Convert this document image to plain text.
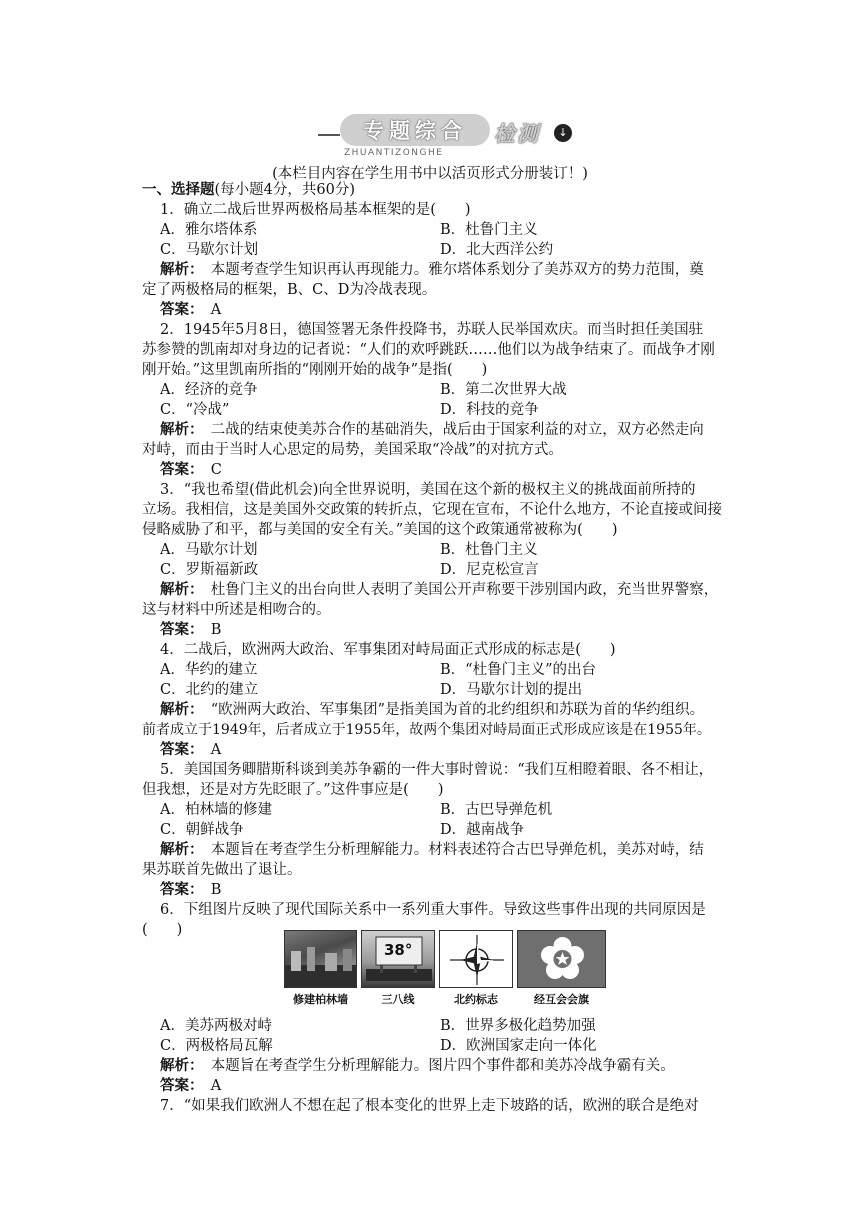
专题综合	检测	↓
ZHUANTIZONGHE
(本栏目内容在学生用书中以活页形式分册装订！)
一、选择题(每小题4分，共60分)
1．确立二战后世界两极格局基本框架的是(　　)
A．雅尔塔体系	B．杜鲁门主义
C．马歇尔计划	D．北大西洋公约
解析：　 本题考查学生知识再认再现能力。雅尔塔体系划分了美苏双方的势力范围，奠
定了两极格局的框架，B、C、D为冷战表现。
答案：　 A
2．1945年5月8日，德国签署无条件投降书，苏联人民举国欢庆。而当时担任美国驻
苏参赞的凯南却对身边的记者说：“人们的欢呼跳跃……他们以为战争结束了。而战争才刚
刚开始。”这里凯南所指的“刚刚开始的战争”是指(　　)
A．经济的竞争	B．第二次世界大战
C．“冷战”	D．科技的竞争
解析：　 二战的结束使美苏合作的基础消失，战后由于国家利益的对立，双方必然走向
对峙，而由于当时人心思定的局势，美国采取“冷战”的对抗方式。
答案：　 C
3．“我也希望(借此机会)向全世界说明，美国在这个新的极权主义的挑战面前所持的
立场。我相信，这是美国外交政策的转折点，它现在宣布，不论什么地方，不论直接或间接
侵略威胁了和平，都与美国的安全有关。”美国的这个政策通常被称为(　　)
A．马歇尔计划	B．杜鲁门主义
C．罗斯福新政	D．尼克松宣言
解析：　 杜鲁门主义的出台向世人表明了美国公开声称要干涉别国内政，充当世界警察，
这与材料中所述是相吻合的。
答案：　 B
4．二战后，欧洲两大政治、军事集团对峙局面正式形成的标志是(　　)
A．华约的建立	B．“杜鲁门主义”的出台
C．北约的建立	D．马歇尔计划的提出
解析：　 “欧洲两大政治、军事集团”是指美国为首的北约组织和苏联为首的华约组织。
前者成立于1949年，后者成立于1955年，故两个集团对峙局面正式形成应该是在1955年。
答案：　 A
5．美国国务卿腊斯科谈到美苏争霸的一件大事时曾说：“我们互相瞪着眼、各不相让，
但我想，还是对方先眨眼了。”这件事应是(　　)
A．柏林墙的修建	B．古巴导弹危机
C．朝鲜战争	D．越南战争
解析：　 本题旨在考查学生分析理解能力。材料表述符合古巴导弹危机，美苏对峙，结
果苏联首先做出了退让。
答案：　 B
6．下组图片反映了现代国际关系中一系列重大事件。导致这些事件出现的共同原因是
(　　)
38°
修建柏林墙	三八线	北约标志	经互会会旗
A．美苏两极对峙	B．世界多极化趋势加强
C．两极格局瓦解	D．欧洲国家走向一体化
解析：　 本题旨在考查学生分析理解能力。图片四个事件都和美苏冷战争霸有关。
答案：　 A
7．“如果我们欧洲人不想在起了根本变化的世界上走下坡路的话，欧洲的联合是绝对
